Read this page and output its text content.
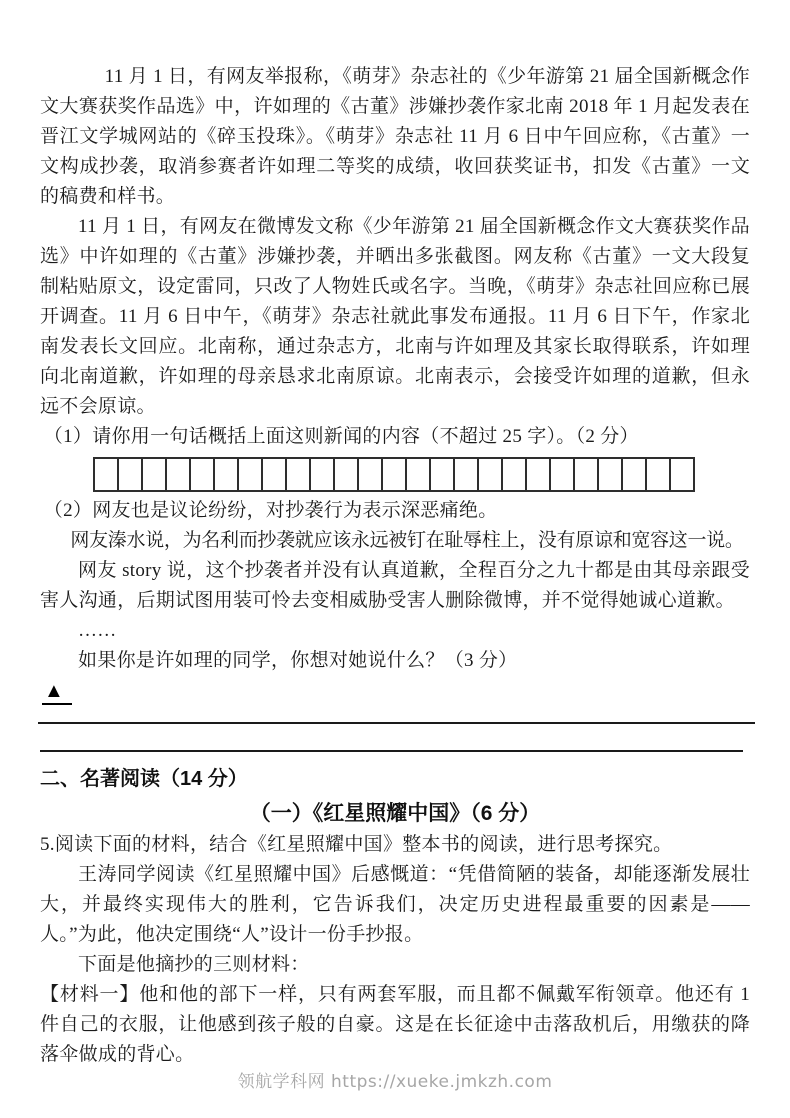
11 月 1 日，有网友举报称，《萌芽》杂志社的《少年游第 21 届全国新概念作文大赛获奖作品选》中，许如理的《古董》涉嫌抄袭作家北南 2018 年 1 月起发表在晋江文学城网站的《碎玉投珠》。《萌芽》杂志社 11 月 6 日中午回应称，《古董》一文构成抄袭，取消参赛者许如理二等奖的成绩，收回获奖证书，扣发《古董》一文的稿费和样书。

11 月 1 日，有网友在微博发文称《少年游第 21 届全国新概念作文大赛获奖作品选》中许如理的《古董》涉嫌抄袭，并晒出多张截图。网友称《古董》一文大段复制粘贴原文，设定雷同，只改了人物姓氏或名字。当晚，《萌芽》杂志社回应称已展开调查。11 月 6 日中午，《萌芽》杂志社就此事发布通报。11 月 6 日下午，作家北南发表长文回应。北南称，通过杂志方，北南与许如理及其家长取得联系，许如理向北南道歉，许如理的母亲恳求北南原谅。北南表示，会接受许如理的道歉，但永远不会原谅。

（1）请你用一句话概括上面这则新闻的内容（不超过 25 字）。（2 分）

（2）网友也是议论纷纷，对抄袭行为表示深恶痛绝。

网友溱水说，为名利而抄袭就应该永远被钉在耻辱柱上，没有原谅和宽容这一说。

网友 story 说，这个抄袭者并没有认真道歉，全程百分之九十都是由其母亲跟受害人沟通，后期试图用装可怜去变相威胁受害人删除微博，并不觉得她诚心道歉。

……

如果你是许如理的同学，你想对她说什么？（3 分）

▲
二、名著阅读（14 分）
（一）《红星照耀中国》（6 分）

5.阅读下面的材料，结合《红星照耀中国》整本书的阅读，进行思考探究。

王涛同学阅读《红星照耀中国》后感慨道：“凭借简陋的装备，却能逐渐发展壮大，并最终实现伟大的胜利，它告诉我们，决定历史进程最重要的因素是——人。”为此，他决定围绕“人”设计一份手抄报。

下面是他摘抄的三则材料：

【材料一】他和他的部下一样，只有两套军服，而且都不佩戴军衔领章。他还有 1 件自己的衣服，让他感到孩子般的自豪。这是在长征途中击落敌机后，用缴获的降落伞做成的背心。

领航学科网 https://xueke.jmkzh.com
